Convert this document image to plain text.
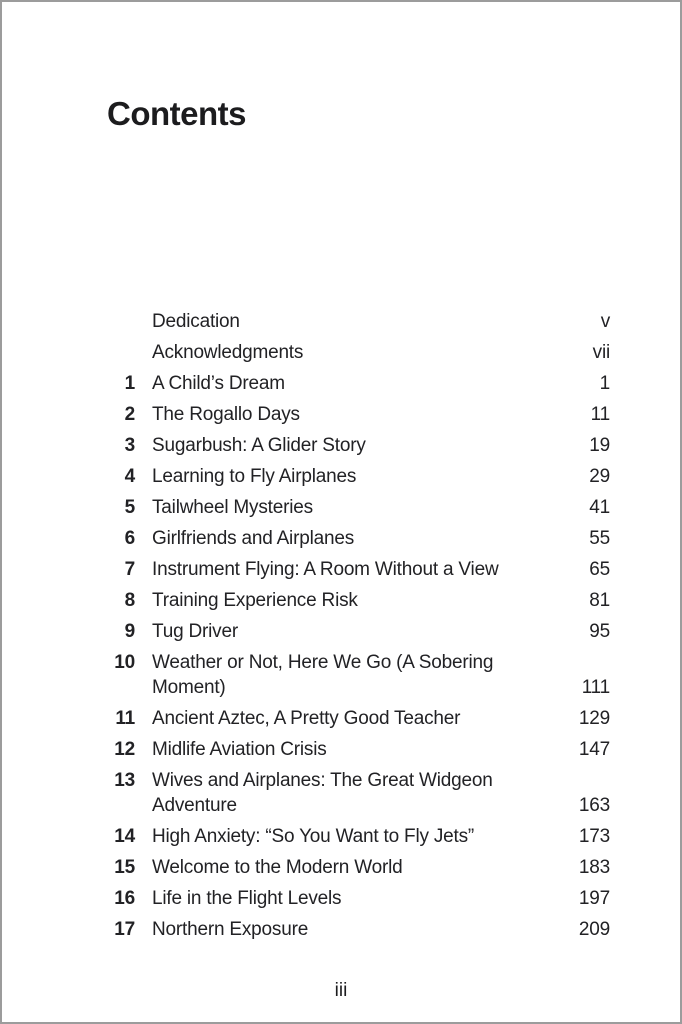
Contents
Dedication	v
Acknowledgments	vii
1 A Child’s Dream	1
2 The Rogallo Days	11
3 Sugarbush: A Glider Story	19
4 Learning to Fly Airplanes	29
5 Tailwheel Mysteries	41
6 Girlfriends and Airplanes	55
7 Instrument Flying: A Room Without a View	65
8 Training Experience Risk	81
9 Tug Driver	95
10 Weather or Not, Here We Go (A Sobering Moment)	111
11 Ancient Aztec, A Pretty Good Teacher	129
12 Midlife Aviation Crisis	147
13 Wives and Airplanes: The Great Widgeon Adventure	163
14 High Anxiety: “So You Want to Fly Jets”	173
15 Welcome to the Modern World	183
16 Life in the Flight Levels	197
17 Northern Exposure	209
iii
